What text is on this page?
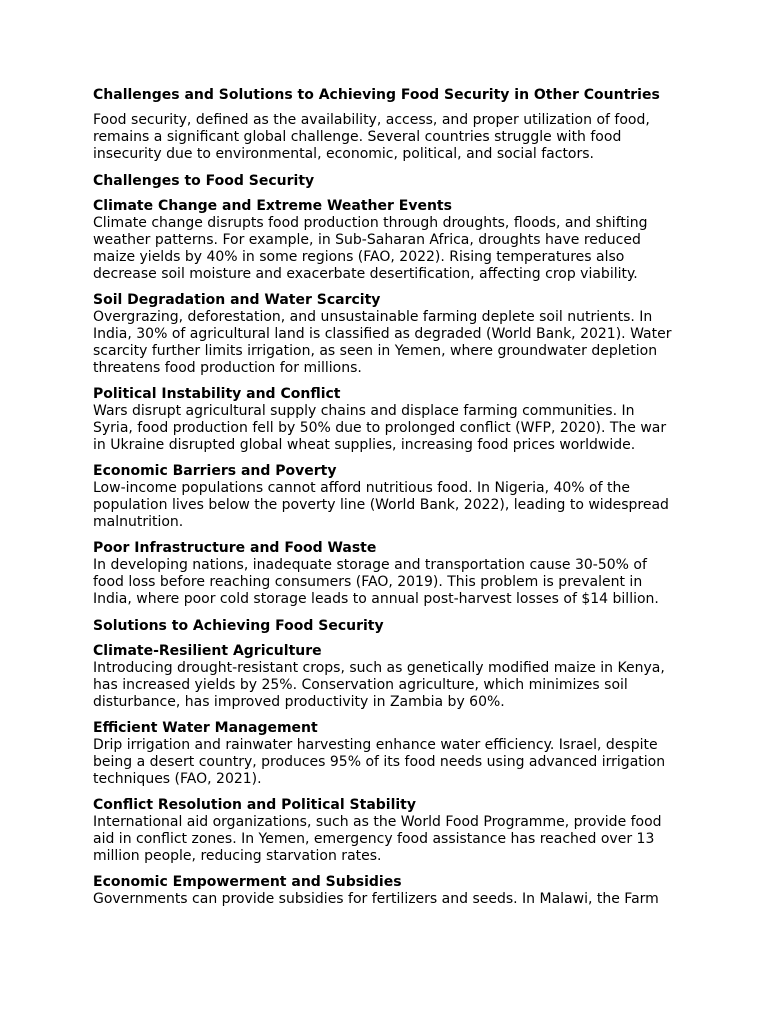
Challenges and Solutions to Achieving Food Security in Other Countries

Food security, defined as the availability, access, and proper utilization of food, remains a significant global challenge. Several countries struggle with food insecurity due to environmental, economic, political, and social factors.

Challenges to Food Security
Climate Change and Extreme Weather Events

Climate change disrupts food production through droughts, floods, and shifting weather patterns. For example, in Sub-Saharan Africa, droughts have reduced maize yields by 40% in some regions (FAO, 2022). Rising temperatures also decrease soil moisture and exacerbate desertification, affecting crop viability.

Soil Degradation and Water Scarcity

Overgrazing, deforestation, and unsustainable farming deplete soil nutrients. In India, 30% of agricultural land is classified as degraded (World Bank, 2021). Water scarcity further limits irrigation, as seen in Yemen, where groundwater depletion threatens food production for millions.

Political Instability and Conflict

Wars disrupt agricultural supply chains and displace farming communities. In Syria, food production fell by 50% due to prolonged conflict (WFP, 2020). The war in Ukraine disrupted global wheat supplies, increasing food prices worldwide.

Economic Barriers and Poverty

Low-income populations cannot afford nutritious food. In Nigeria, 40% of the population lives below the poverty line (World Bank, 2022), leading to widespread malnutrition.

Poor Infrastructure and Food Waste

In developing nations, inadequate storage and transportation cause 30-50% of food loss before reaching consumers (FAO, 2019). This problem is prevalent in India, where poor cold storage leads to annual post-harvest losses of $14 billion.

Solutions to Achieving Food Security
Climate-Resilient Agriculture

Introducing drought-resistant crops, such as genetically modified maize in Kenya, has increased yields by 25%. Conservation agriculture, which minimizes soil disturbance, has improved productivity in Zambia by 60%.

Efficient Water Management

Drip irrigation and rainwater harvesting enhance water efficiency. Israel, despite being a desert country, produces 95% of its food needs using advanced irrigation techniques (FAO, 2021).

Conflict Resolution and Political Stability

International aid organizations, such as the World Food Programme, provide food aid in conflict zones. In Yemen, emergency food assistance has reached over 13 million people, reducing starvation rates.

Economic Empowerment and Subsidies

Governments can provide subsidies for fertilizers and seeds. In Malawi, the Farm
